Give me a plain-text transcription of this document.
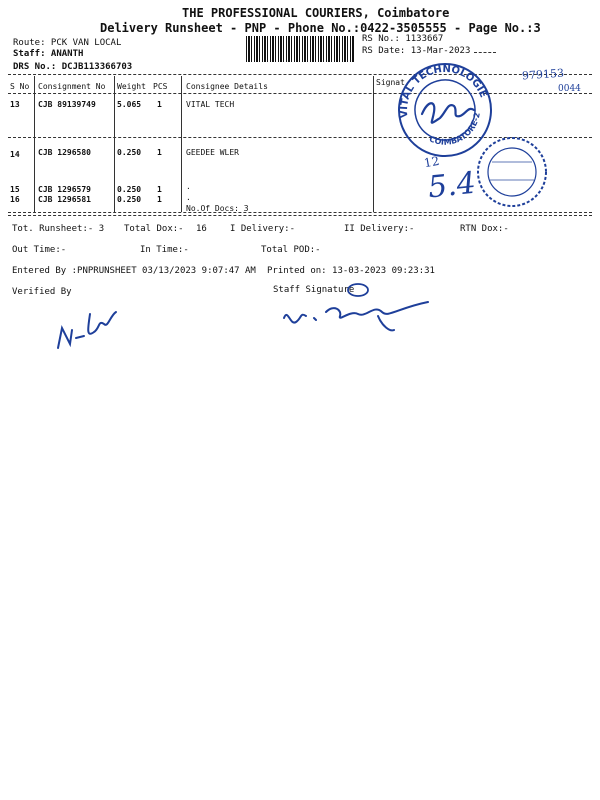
THE PROFESSIONAL COURIERS, Coimbatore
Delivery Runsheet - PNP - Phone No.:0422-3505555 - Page No.:3
Route: PCK VAN LOCAL
Staff: ANANTH
DRS No.: DCJB113366703
RS No.: 1133667
RS Date: 13-Mar-2023
S No Consignment No Weight PCS Consignee Details	Signat
13 CJB 89139749	5.065 1	VITAL TECH
14 CJB 1296580	0.250 1	GEEDEE WLER
15 CJB 1296579	0.250 1	.
16 CJB 1296581	0.250 1	.
No.Of Docs: 3
Tot. Runsheet:- 3 Total Dox:- 16	I Delivery:-	II Delivery:-	RTN Dox:-
Out Time:-	In Time:-	Total POD:-
Entered By :PNPRUNSHEET 03/13/2023 9:07:47 AM Printed on: 13-03-2023 09:23:31
Verified By	Staff Signature
979153
0044
12
5.4
VITAL TECHNOLOGIES
COIMBATORE-2
